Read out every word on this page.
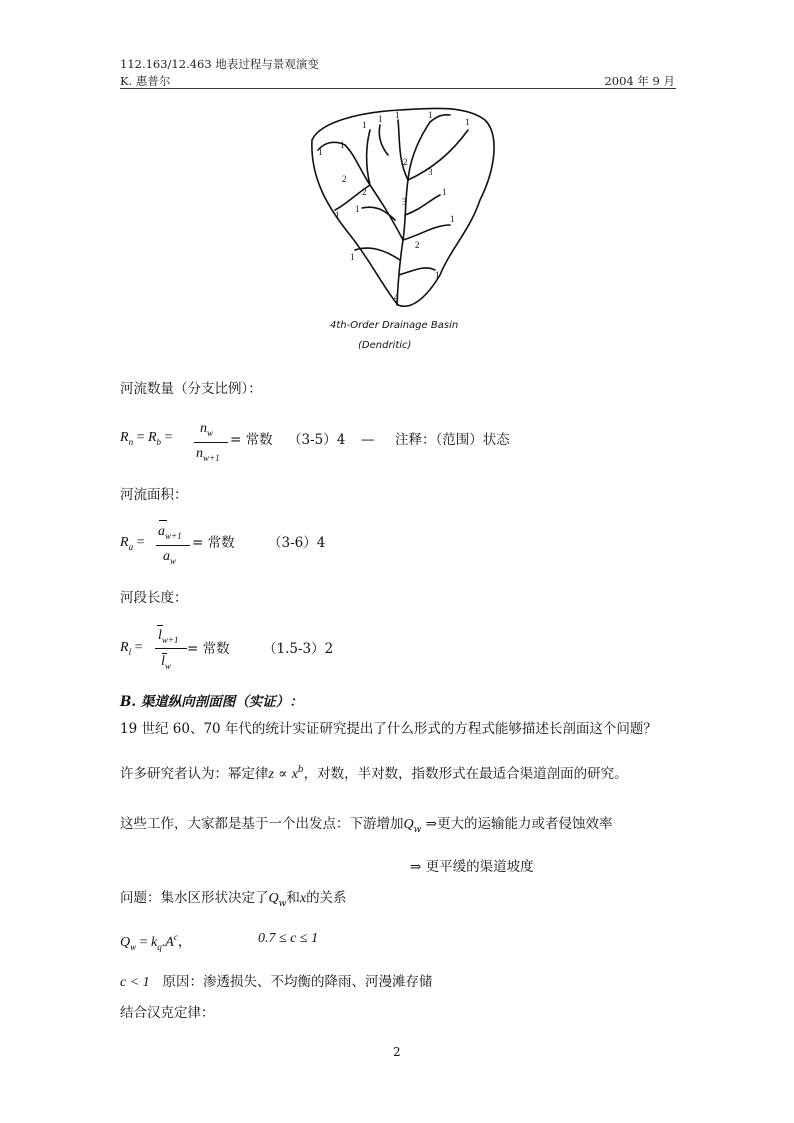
112.163/12.463 地表过程与景观演变
K. 惠普尔	2004 年 9 月
1
1
1	1
1
1
1
1
1
1
1
1
1
2
2
2
2
3
3
4
4th-Order Drainage Basin
(Dendritic)
河流数量（分支比例）：
$R_n = R_b$ =
$n_w$
$n_{w+1}$
= 常数 （3-5）4 — 注释：（范围）状态
河流面积：
$R_a$ =
$a_{w+1}$
$a_w$
= 常数 （3-6）4
河段长度：
$R_l$ =
$l_{w+1}$
$l_w$
= 常数 （1.5-3）2
B. 渠道纵向剖面图（实证）：
19 世纪 60、70 年代的统计实证研究提出了什么形式的方程式能够描述长剖面这个问题？
许多研究者认为：幂定律$z \propto x^b$，对数，半对数，指数形式在最适合渠道剖面的研究。
这些工作，大家都是基于一个出发点：下游增加$Q_w$ ⇒更大的运输能力或者侵蚀效率
⇒ 更平缓的渠道坡度
问题：集水区形状决定了$Q_w$和x的关系
$Q_w = k_q.A^c$，	0.7 ≤ c ≤ 1
c < 1 原因：渗透损失、不均衡的降雨、河漫滩存储
结合汉克定律：
2
